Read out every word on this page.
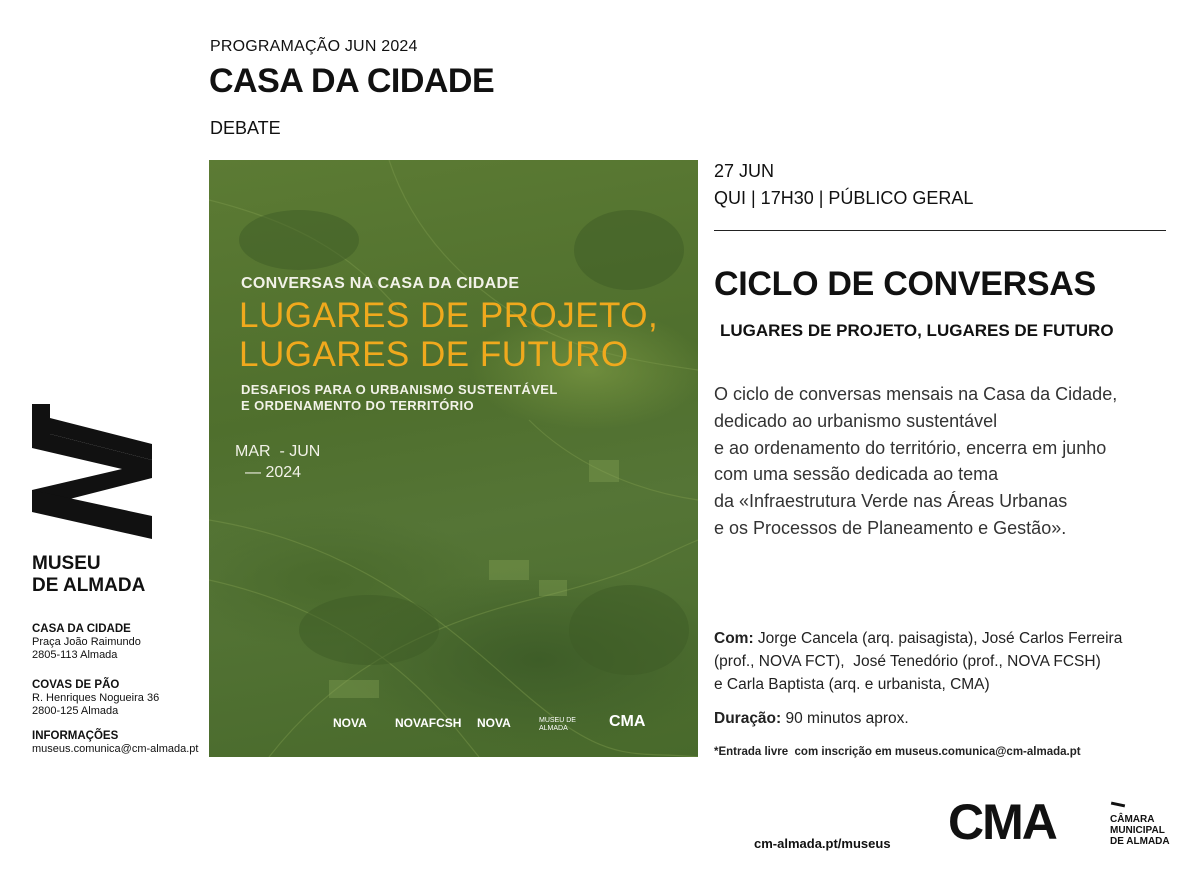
PROGRAMAÇÃO JUN 2024
CASA DA CIDADE
DEBATE
CONVERSAS NA CASA DA CIDADE
LUGARES DE PROJETO,
LUGARES DE FUTURO
DESAFIOS PARA O URBANISMO SUSTENTÁVEL
E ORDENAMENTO DO TERRITÓRIO
MAR  - JUN
— 2024
NOVA NOVAFCSH NOVA	MUSEU DE ALMADA	CMA
27 JUN
QUI | 17H30 | PÚBLICO GERAL
CICLO DE CONVERSAS
LUGARES DE PROJETO, LUGARES DE FUTURO
O ciclo de conversas mensais na Casa da Cidade,
dedicado ao urbanismo sustentável
e ao ordenamento do território, encerra em junho
com uma sessão dedicada ao tema
da «Infraestrutura Verde nas Áreas Urbanas
e os Processos de Planeamento e Gestão».
Com: Jorge Cancela (arq. paisagista), José Carlos Ferreira
(prof., NOVA FCT),  José Tenedório (prof., NOVA FCSH)
e Carla Baptista (arq. e urbanista, CMA)
Duração: 90 minutos aprox.
*Entrada livre  com inscrição em museus.comunica@cm-almada.pt
MUSEU
DE ALMADA
CASA DA CIDADE
Praça João Raimundo
2805-113 Almada
COVAS DE PÃO
R. Henriques Nogueira 36
2800-125 Almada
INFORMAÇÕES
museus.comunica@cm-almada.pt
cm-almada.pt/museus CMA	CÂMARA
MUNICIPAL
DE ALMADA
